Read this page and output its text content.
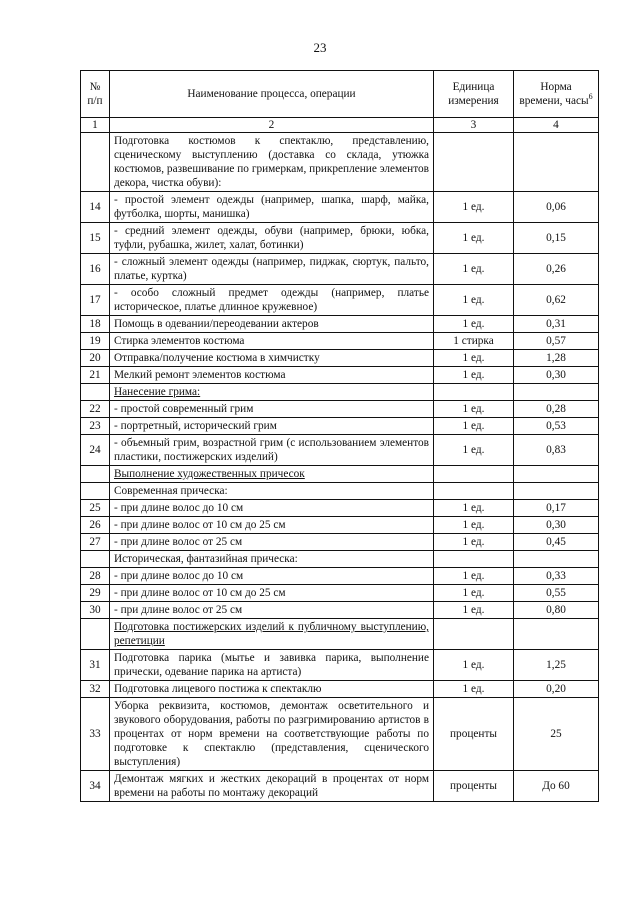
23
№ п/п	Наименование процесса, операции	Единица измерения	Норма времени, часы$^6$
1	2	3	4
	Подготовка костюмов к спектаклю, представлению, сценическому выступлению (доставка со склада, утюжка костюмов, развешивание по гримеркам, прикрепление элементов декора, чистка обуви):		
14	- простой элемент одежды (например, шапка, шарф, майка, футболка, шорты, манишка)	1 ед.	0,06
15	- средний элемент одежды, обуви (например, брюки, юбка, туфли, рубашка, жилет, халат, ботинки)	1 ед.	0,15
16	- сложный элемент одежды (например, пиджак, сюртук, пальто, платье, куртка)	1 ед.	0,26
17	- особо сложный предмет одежды (например, платье историческое, платье длинное кружевное)	1 ед.	0,62
18	Помощь в одевании/переодевании актеров	1 ед.	0,31
19	Стирка элементов костюма	1 стирка	0,57
20	Отправка/получение костюма в химчистку	1 ед.	1,28
21	Мелкий ремонт элементов костюма	1 ед.	0,30
	Нанесение грима:		
22	- простой современный грим	1 ед.	0,28
23	- портретный, исторический грим	1 ед.	0,53
24	- объемный грим, возрастной грим (с использованием элементов пластики, постижерских изделий)	1 ед.	0,83
	Выполнение художественных причесок		
	Современная прическа:		
25	- при длине волос до 10 см	1 ед.	0,17
26	- при длине волос от 10 см до 25 см	1 ед.	0,30
27	- при длине волос от 25 см	1 ед.	0,45
	Историческая, фантазийная прическа:		
28	- при длине волос до 10 см	1 ед.	0,33
29	- при длине волос от 10 см до 25 см	1 ед.	0,55
30	- при длине волос от 25 см	1 ед.	0,80
	Подготовка постижерских изделий к публичному выступлению, репетиции		
31	Подготовка парика (мытье и завивка парика, выполнение прически, одевание парика на артиста)	1 ед.	1,25
32	Подготовка лицевого постижа к спектаклю	1 ед.	0,20
33	Уборка реквизита, костюмов, демонтаж осветительного и звукового оборудования, работы по разгримированию артистов в процентах от норм времени на соответствующие работы по подготовке к спектаклю (представления, сценического выступления)	проценты	25
34	Демонтаж мягких и жестких декораций в процентах от норм времени на работы по монтажу декораций	проценты	До 60
